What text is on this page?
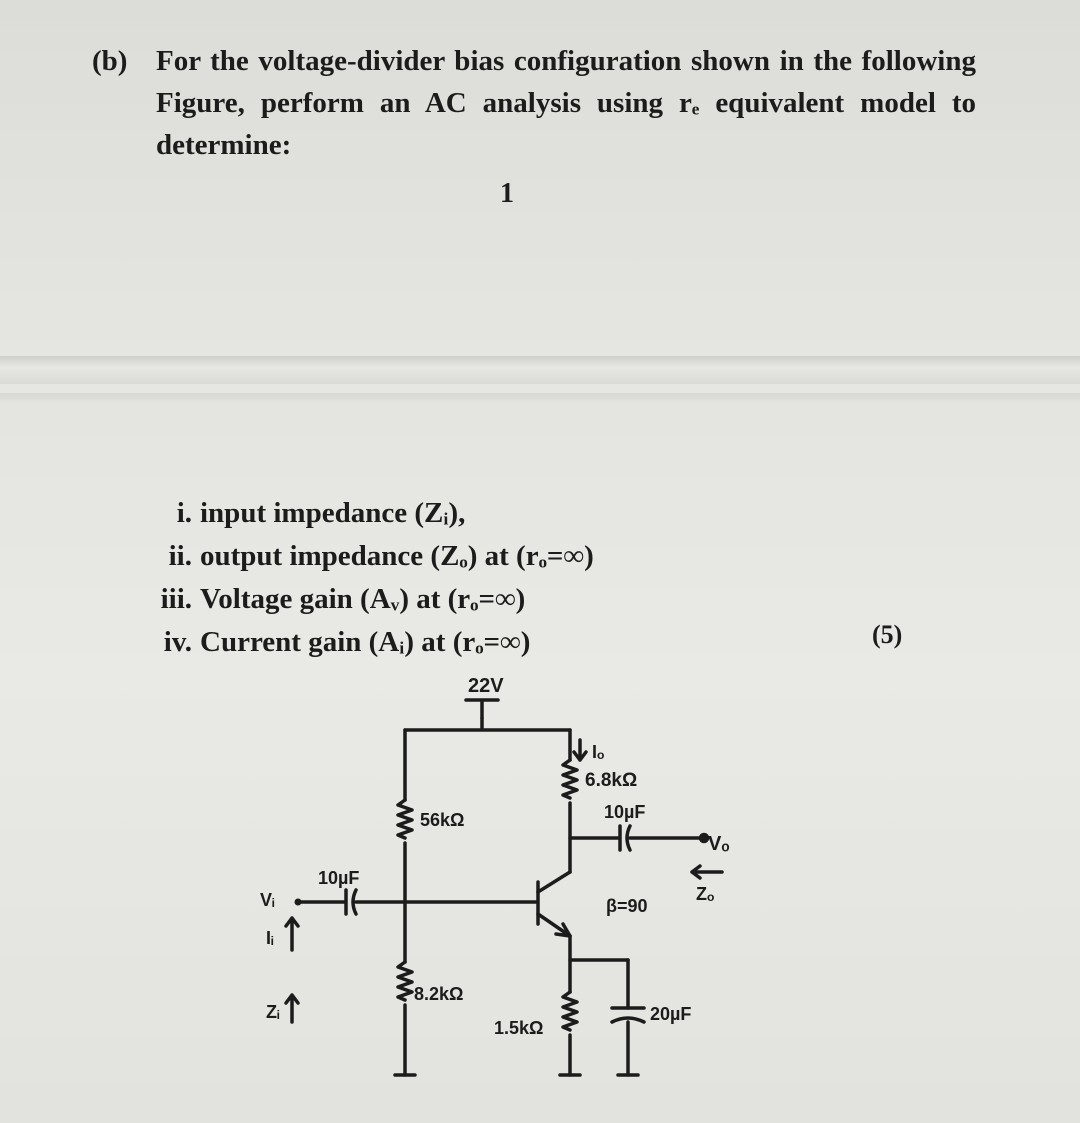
(b) For the voltage-divider bias configuration shown in the following Figure, perform an AC analysis using rₑ equivalent model to determine:
1
i. input impedance (Zᵢ),
ii. output impedance (Zₒ) at (rₒ=∞)
iii. Voltage gain (Aᵥ) at (rₒ=∞)
iv. Current gain (Aᵢ) at (rₒ=∞)	(5)
22V
56kΩ
8.2kΩ
6.8kΩ
1.5kΩ
10µF
10µF
20µF
β=90
Vᵢ
Vₒ
Iᵢ
Zᵢ
Iₒ
Zₒ
